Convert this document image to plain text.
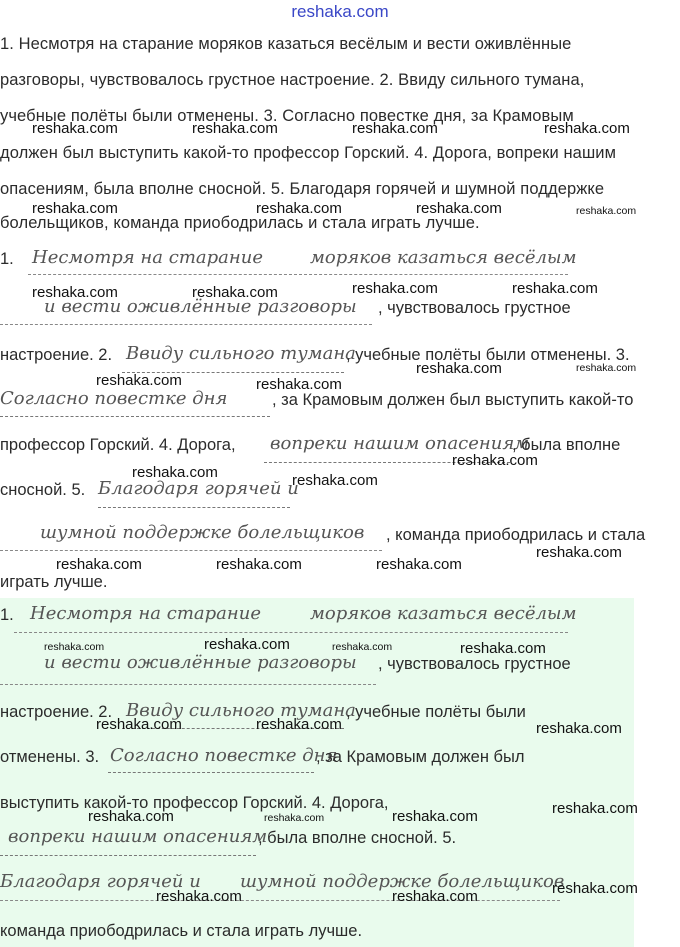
reshaka.com
1. Несмотря на старание моряков казаться весёлым и вести оживлённые
разговоры, чувствовалось грустное настроение. 2. Ввиду сильного тумана,
учебные полёты были отменены. 3. Согласно повестке дня, за Крамовым
должен был выступить какой-то профессор Горский. 4. Дорога, вопреки нашим
опасениям, была вполне сносной. 5. Благодаря горячей и шумной поддержке
болельщиков, команда приободрилась и стала играть лучше.
1. Несмотря на старание	моряков казаться весёлым
и вести оживлённые разговоры , чувствовалось грустное
настроение. 2. Ввиду сильного тумана
, учебные полёты были отменены. 3.
Согласно повестке дня	, за Крамовым должен был выступить какой-то
профессор Горский. 4. Дорога, вопреки нашим опасениям
, была вполне
сносной. 5. Благодаря горячей и
шумной поддержке болельщиков , команда приободрилась и стала
играть лучше.
1. Несмотря на старание	моряков казаться весёлым
и вести оживлённые разговоры , чувствовалось грустное
настроение. 2. Ввиду сильного тумана
, учебные полёты были
отменены. 3. Согласно повестке дня
, за Крамовым должен был
выступить какой-то профессор Горский. 4. Дорога,
вопреки нашим опасениям
, была вполне сносной. 5.
Благодаря горячей и шумной поддержке болельщиков
команда приободрилась и стала играть лучше.
reshaka.com	reshaka.com	reshaka.com	reshaka.com
reshaka.com	reshaka.com	reshaka.com	reshaka.com
reshaka.com	reshaka.com	reshaka.com	reshaka.com
reshaka.com	reshaka.com
reshaka.com	reshaka.com
reshaka.com	reshaka.com
reshaka.com
reshaka.com	reshaka.com	reshaka.com
reshaka.com
reshaka.com	reshaka.com	reshaka.com	reshaka.com
reshaka.com	reshaka.com	reshaka.com
reshaka.com	reshaka.com	reshaka.com	reshaka.com
reshaka.com	reshaka.com	reshaka.com
